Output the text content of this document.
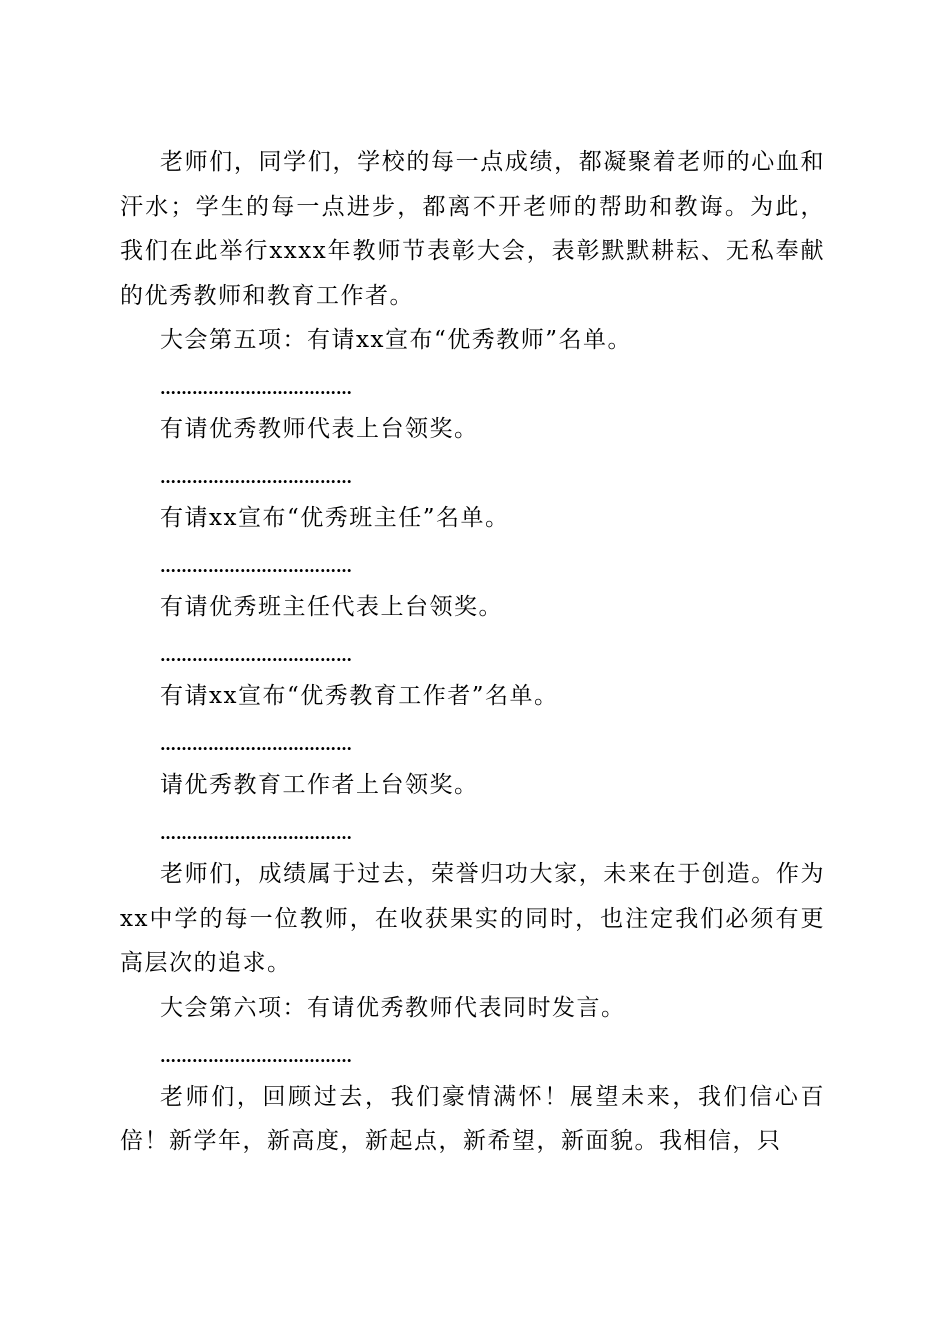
老师们，同学们，学校的每一点成绩，都凝聚着老师的心血和汗水；学生的每一点进步，都离不开老师的帮助和教诲。为此，我们在此举行xxxx年教师节表彰大会，表彰默默耕耘、无私奉献的优秀教师和教育工作者。

大会第五项：有请xx宣布“优秀教师”名单。

………………………………

有请优秀教师代表上台领奖。

………………………………

有请xx宣布“优秀班主任”名单。

………………………………

有请优秀班主任代表上台领奖。

………………………………

有请xx宣布“优秀教育工作者”名单。

………………………………

请优秀教育工作者上台领奖。

………………………………

老师们，成绩属于过去，荣誉归功大家，未来在于创造。作为xx中学的每一位教师，在收获果实的同时，也注定我们必须有更高层次的追求。

大会第六项：有请优秀教师代表同时发言。

………………………………

老师们，回顾过去，我们豪情满怀！展望未来，我们信心百倍！新学年，新高度，新起点，新希望，新面貌。我相信，只
